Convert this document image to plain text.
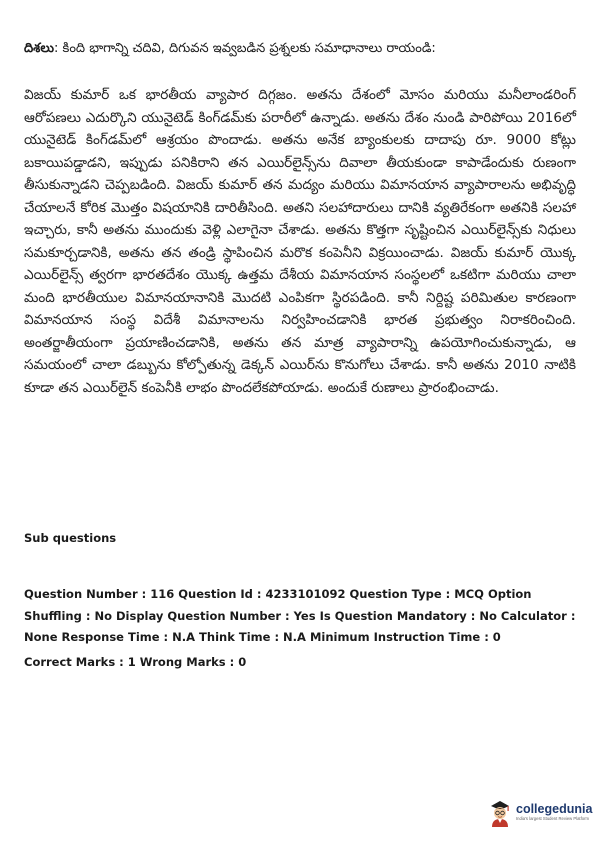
దిశలు: కింది భాగాన్ని చదివి, దిగువన ఇవ్వబడిన ప్రశ్నలకు సమాధానాలు రాయండి:

విజయ్ కుమార్ ఒక భారతీయ వ్యాపార దిగ్గజం. అతను దేశంలో మోసం మరియు మనీలాండరింగ్ ఆరోపణలు ఎదుర్కొని యునైటెడ్ కింగ్‌డమ్‌కు పరారీలో ఉన్నాడు. అతను దేశం నుండి పారిపోయి 2016లో యునైటెడ్ కింగ్‌డమ్‌లో ఆశ్రయం పొందాడు. అతను అనేక బ్యాంకులకు దాదాపు రూ. 9000 కోట్లు బకాయిపడ్డాడని, ఇప్పుడు పనికిరాని తన ఎయిర్‌లైన్స్‌ను దివాలా తీయకుండా కాపాడేందుకు రుణంగా తీసుకున్నాడని చెప్పబడింది. విజయ్ కుమార్ తన మద్యం మరియు విమానయాన వ్యాపారాలను అభివృద్ధి చేయాలనే కోరిక మొత్తం విషయానికి దారితీసింది. అతని సలహాదారులు దానికి వ్యతిరేకంగా అతనికి సలహా ఇచ్చారు, కానీ అతను ముందుకు వెళ్లి ఎలాగైనా చేశాడు. అతను కొత్తగా సృష్టించిన ఎయిర్‌లైన్స్‌కు నిధులు సమకూర్చడానికి, అతను తన తండ్రి స్థాపించిన మరొక కంపెనీని విక్రయించాడు. విజయ్ కుమార్ యొక్క ఎయిర్‌లైన్స్ త్వరగా భారతదేశం యొక్క ఉత్తమ దేశీయ విమానయాన సంస్థలలో ఒకటిగా మరియు చాలా మంది భారతీయుల విమానయానానికి మొదటి ఎంపికగా స్థిరపడింది. కానీ నిర్దిష్ట పరిమితుల కారణంగా విమానయాన సంస్థ విదేశీ విమానాలను నిర్వహించడానికి భారత ప్రభుత్వం నిరాకరించింది. అంతర్జాతీయంగా ప్రయాణించడానికి, అతను తన మాత్ర వ్యాపారాన్ని ఉపయోగించుకున్నాడు, ఆ సమయంలో చాలా డబ్బును కోల్పోతున్న డెక్కన్ ఎయిర్‌ను కొనుగోలు చేశాడు. కానీ అతను 2010 నాటికి కూడా తన ఎయిర్‌లైన్ కంపెనీకి లాభం పొందలేకపోయాడు. అందుకే రుణాలు ప్రారంభించాడు.

Sub questions

Question Number : 116 Question Id : 4233101092 Question Type : MCQ Option Shuffling : No Display Question Number : Yes Is Question Mandatory : No Calculator : None Response Time : N.A Think Time : N.A Minimum Instruction Time : 0

Correct Marks : 1 Wrong Marks : 0

collegedunia
India's largest Student Review Platform
